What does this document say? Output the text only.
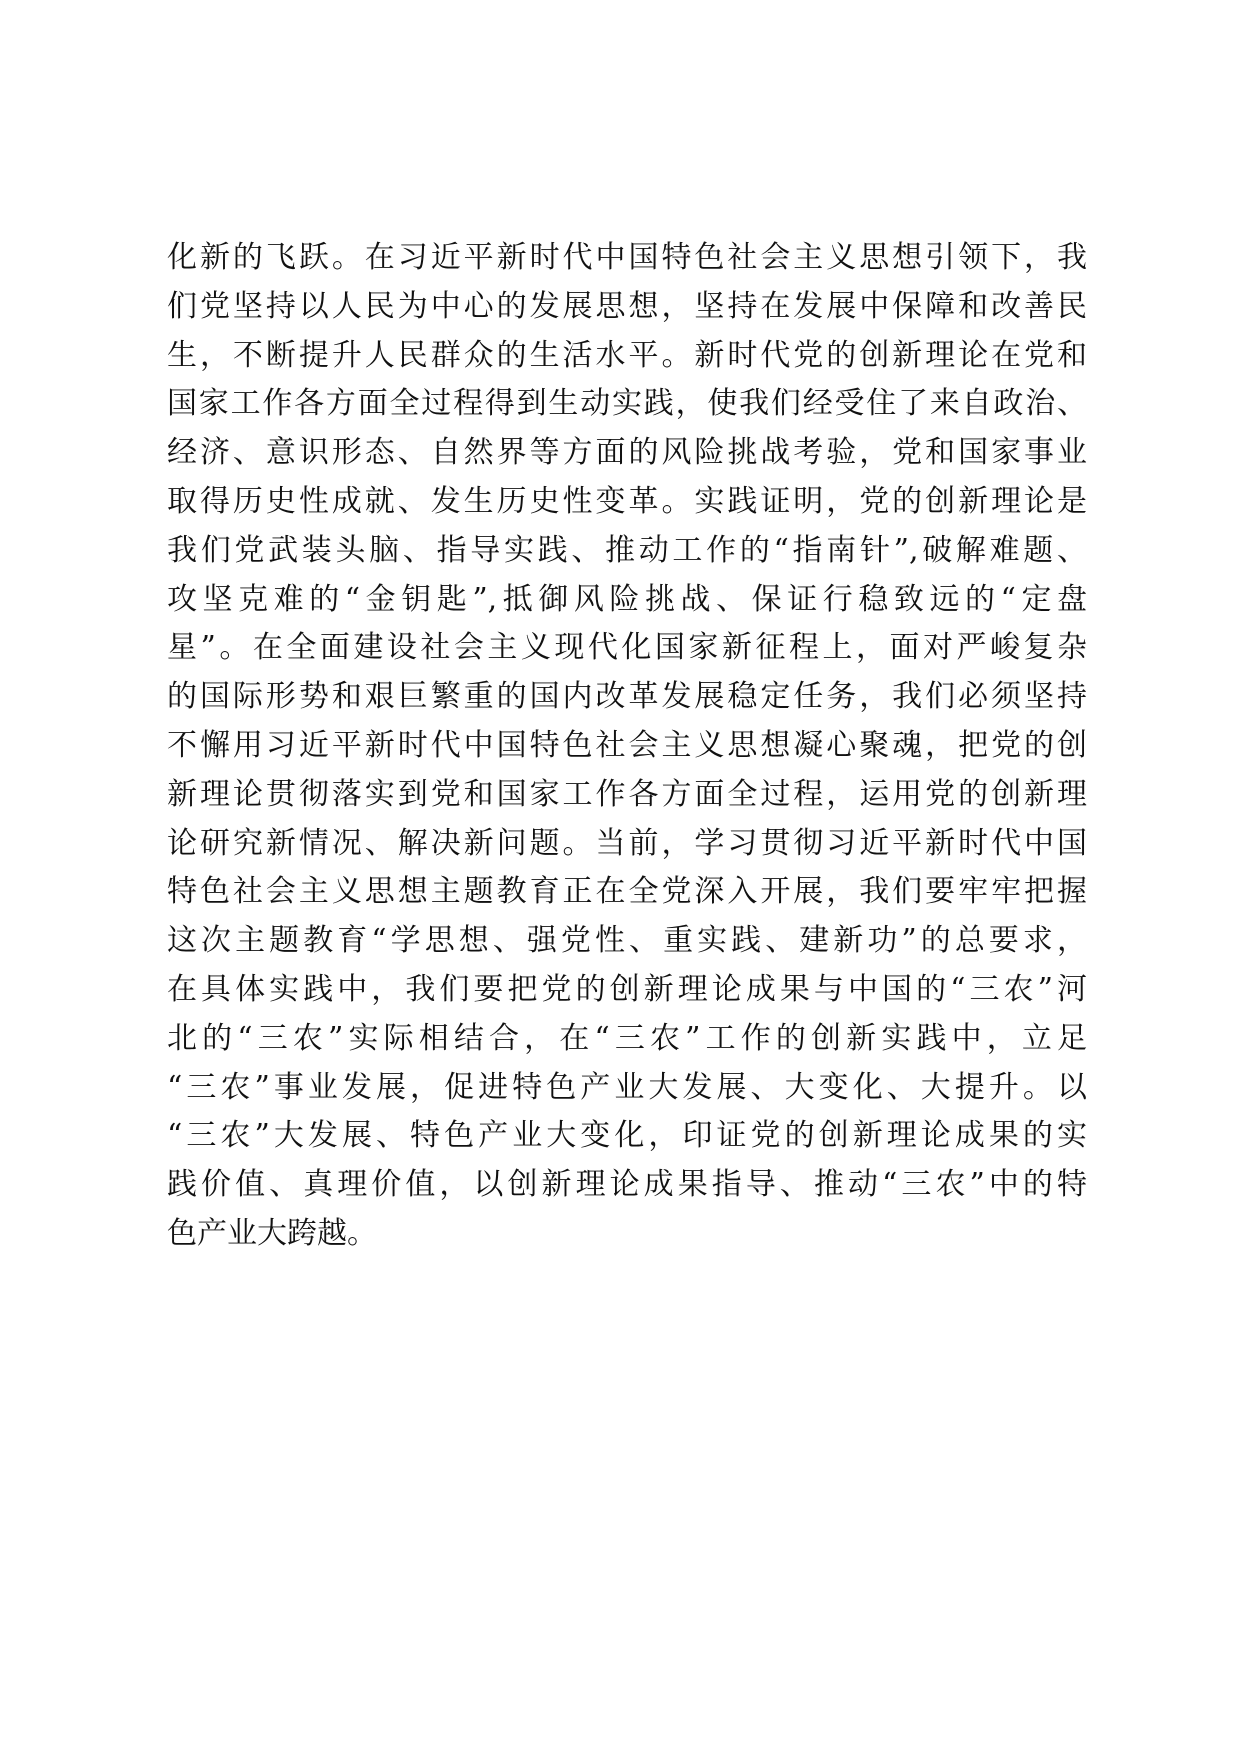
化新的飞跃。在习近平新时代中国特色社会主义思想引领下，我
们党坚持以人民为中心的发展思想，坚持在发展中保障和改善民
生，不断提升人民群众的生活水平。新时代党的创新理论在党和
国家工作各方面全过程得到生动实践，使我们经受住了来自政治、
经济、意识形态、自然界等方面的风险挑战考验，党和国家事业
取得历史性成就、发生历史性变革。实践证明，党的创新理论是
我们党武装头脑、指导实践、推动工作的“指南针”,破解难题、
攻坚克难的“金钥匙”,抵御风险挑战、保证行稳致远的“定盘
星”。在全面建设社会主义现代化国家新征程上，面对严峻复杂
的国际形势和艰巨繁重的国内改革发展稳定任务，我们必须坚持
不懈用习近平新时代中国特色社会主义思想凝心聚魂，把党的创
新理论贯彻落实到党和国家工作各方面全过程，运用党的创新理
论研究新情况、解决新问题。当前，学习贯彻习近平新时代中国
特色社会主义思想主题教育正在全党深入开展，我们要牢牢把握
这次主题教育“学思想、强党性、重实践、建新功”的总要求，
在具体实践中，我们要把党的创新理论成果与中国的“三农”河
北的“三农”实际相结合，在“三农”工作的创新实践中，立足
“三农”事业发展，促进特色产业大发展、大变化、大提升。以
“三农”大发展、特色产业大变化，印证党的创新理论成果的实
践价值、真理价值，以创新理论成果指导、推动“三农”中的特
色产业大跨越。
